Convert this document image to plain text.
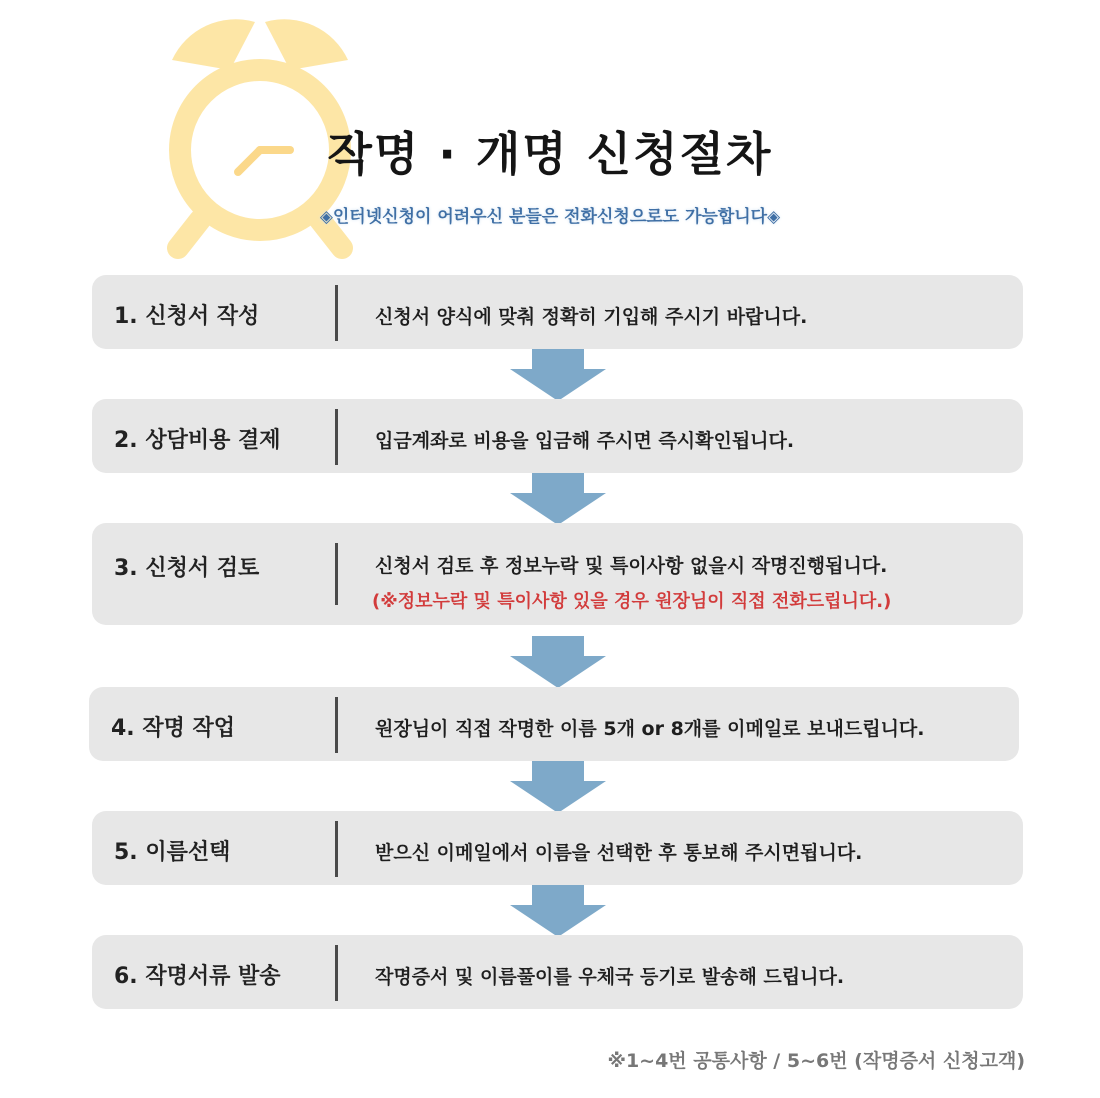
작명 · 개명 신청절차
◈인터넷신청이 어려우신 분들은 전화신청으로도 가능합니다◈
1. 신청서 작성	신청서 양식에 맞춰 정확히 기입해 주시기 바랍니다.
2. 상담비용 결제	입금계좌로 비용을 입금해 주시면 즉시확인됩니다.
3. 신청서 검토	신청서 검토 후 정보누락 및 특이사항 없을시 작명진행됩니다.
(※정보누락 및 특이사항 있을 경우 원장님이 직접 전화드립니다.)
4. 작명 작업	원장님이 직접 작명한 이름 5개 or 8개를 이메일로 보내드립니다.
5. 이름선택	받으신 이메일에서 이름을 선택한 후 통보해 주시면됩니다.
6. 작명서류 발송	작명증서 및 이름풀이를 우체국 등기로 발송해 드립니다.
※1~4번 공통사항 / 5~6번 (작명증서 신청고객)
